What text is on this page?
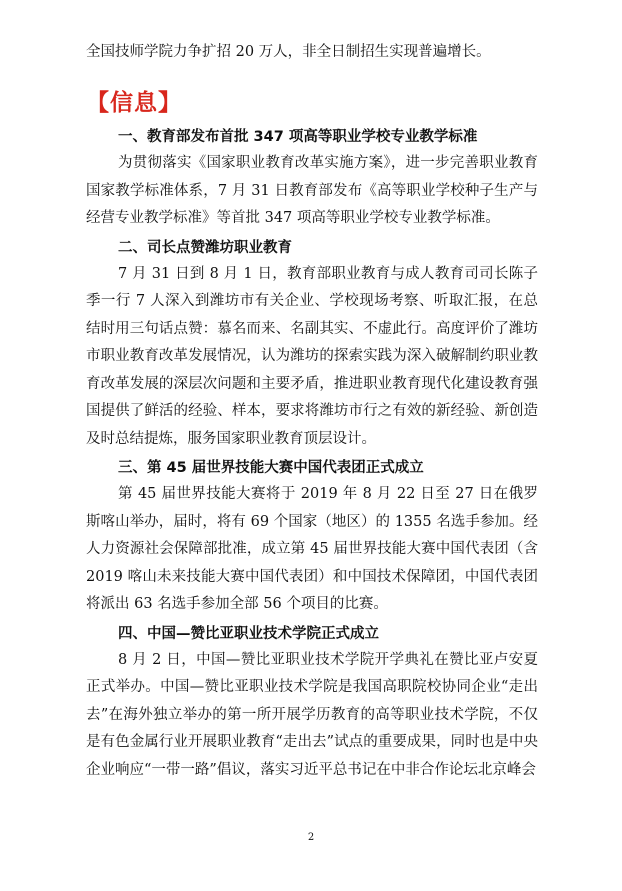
全国技师学院力争扩招 20 万人，非全日制招生实现普遍增长。

【信息】
一、教育部发布首批 347 项高等职业学校专业教学标准

为贯彻落实《国家职业教育改革实施方案》，进一步完善职业教育国家教学标准体系，7 月 31 日教育部发布《高等职业学校种子生产与经营专业教学标准》等首批 347 项高等职业学校专业教学标准。

二、司长点赞潍坊职业教育

7 月 31 日到 8 月 1 日，教育部职业教育与成人教育司司长陈子季一行 7 人深入到潍坊市有关企业、学校现场考察、听取汇报，在总结时用三句话点赞：慕名而来、名副其实、不虚此行。高度评价了潍坊市职业教育改革发展情况，认为潍坊的探索实践为深入破解制约职业教育改革发展的深层次问题和主要矛盾，推进职业教育现代化建设教育强国提供了鲜活的经验、样本，要求将潍坊市行之有效的新经验、新创造及时总结提炼，服务国家职业教育顶层设计。

三、第 45 届世界技能大赛中国代表团正式成立

第 45 届世界技能大赛将于 2019 年 8 月 22 日至 27 日在俄罗斯喀山举办，届时，将有 69 个国家（地区）的 1355 名选手参加。经人力资源社会保障部批准，成立第 45 届世界技能大赛中国代表团（含 2019 喀山未来技能大赛中国代表团）和中国技术保障团，中国代表团将派出 63 名选手参加全部 56 个项目的比赛。

四、中国—赞比亚职业技术学院正式成立

8 月 2 日，中国—赞比亚职业技术学院开学典礼在赞比亚卢安夏正式举办。中国—赞比亚职业技术学院是我国高职院校协同企业“走出去”在海外独立举办的第一所开展学历教育的高等职业技术学院，不仅是有色金属行业开展职业教育“走出去”试点的重要成果，同时也是中央企业响应“一带一路”倡议，落实习近平总书记在中非合作论坛北京峰会

2
